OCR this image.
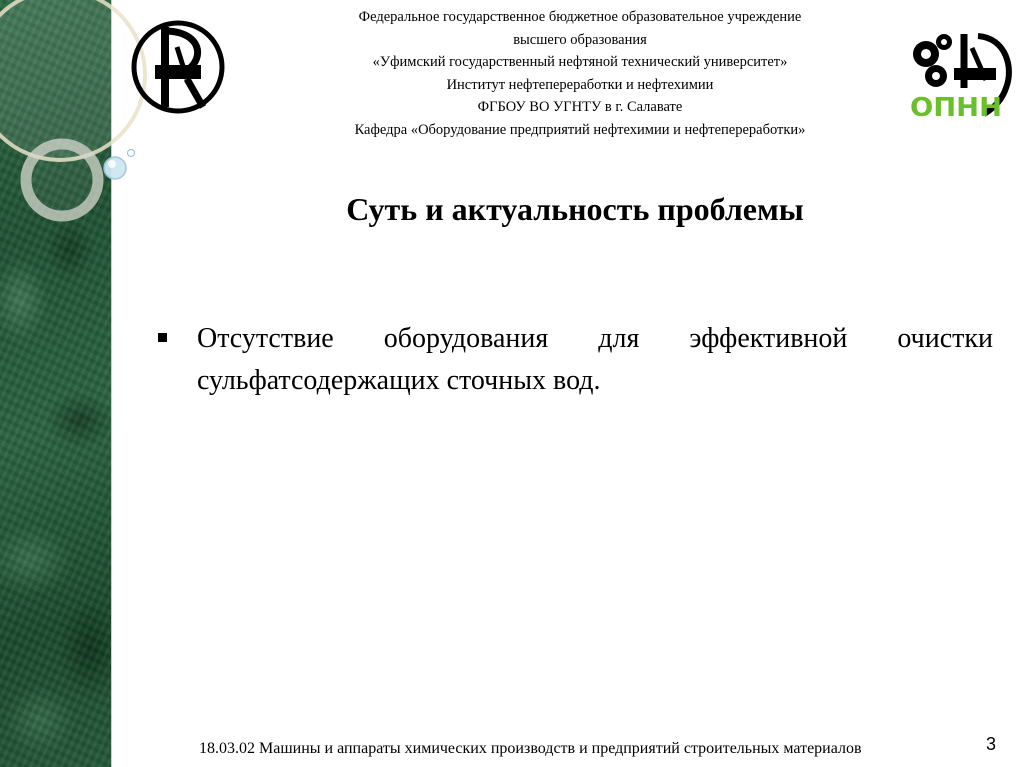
ОПНН
Федеральное государственное бюджетное образовательное учреждение
высшего образования
«Уфимский государственный нефтяной технический университет»
Институт нефтепереработки и нефтехимии
ФГБОУ ВО УГНТУ в г. Салавате
Кафедра «Оборудование предприятий нефтехимии и нефтепереработки»
Суть и актуальность проблемы
Отсутствие оборудования для эффективной очистки сульфатсодержащих сточных вод.
18.03.02 Машины и аппараты химических производств и предприятий строительных материалов	3
